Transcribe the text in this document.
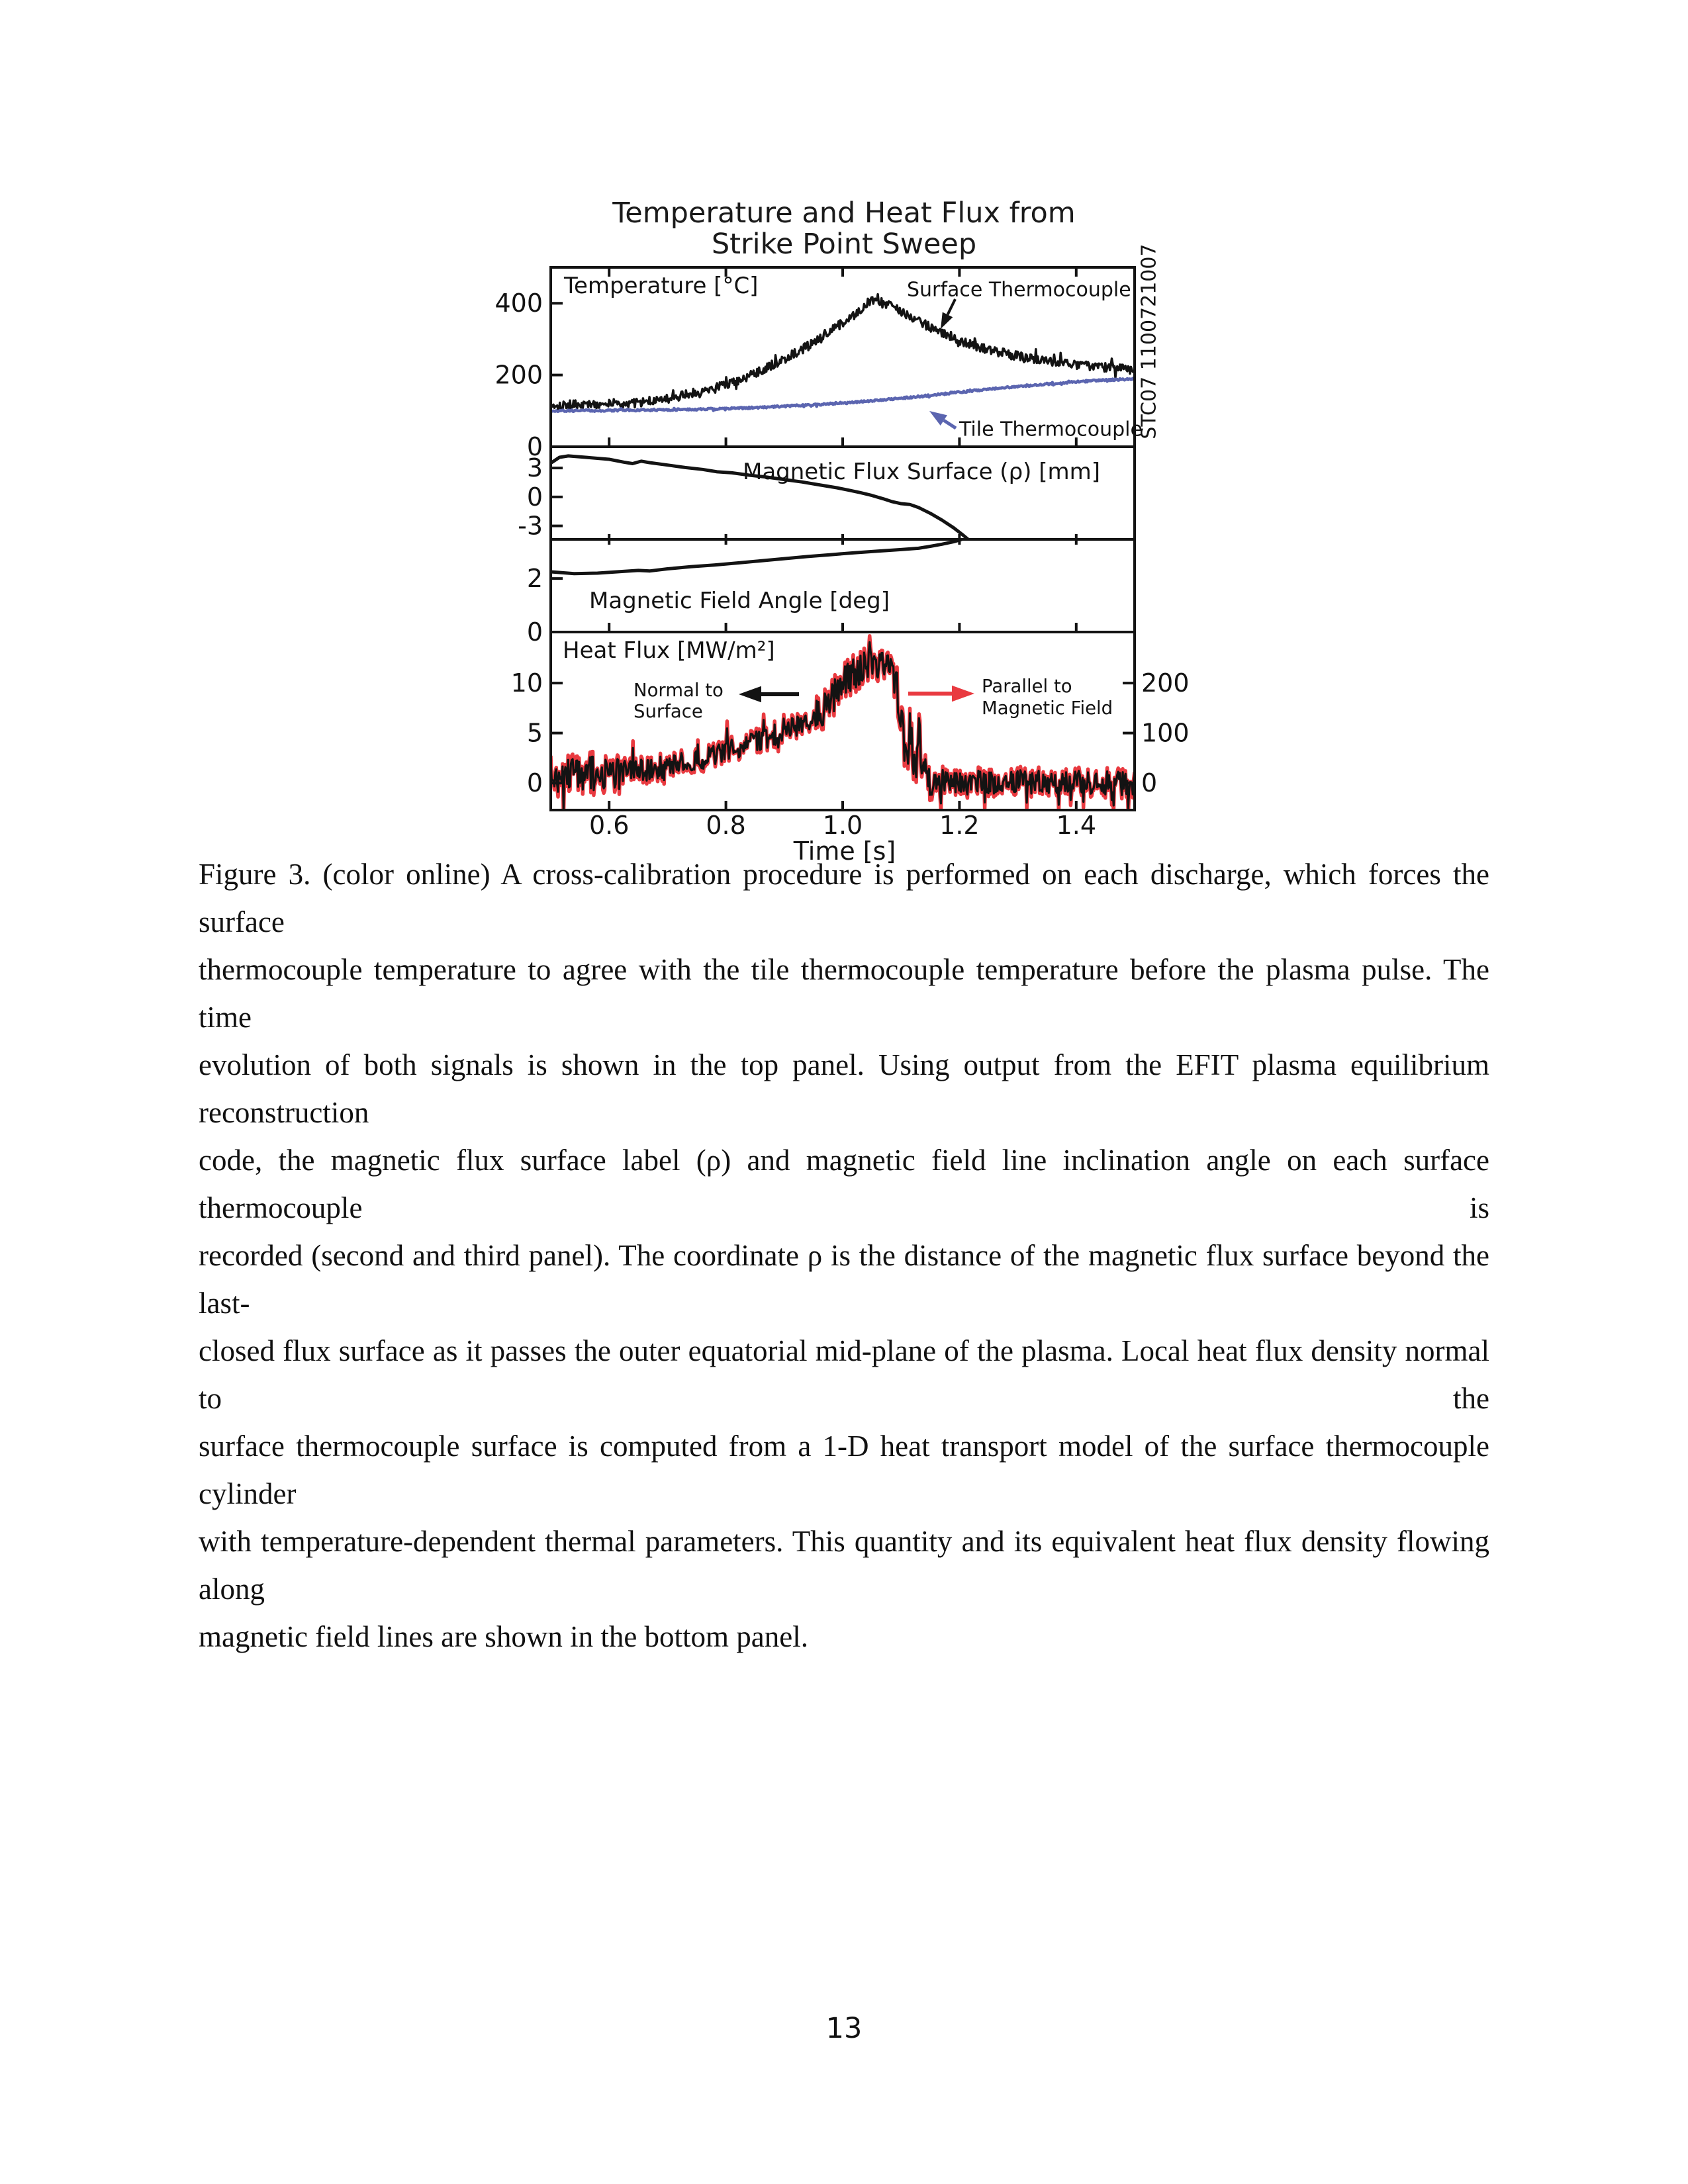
Temperature and Heat Flux from
Strike Point Sweep
0.6	0.8	1.0	1.2	1.4
Time [s]
400
200
0
3
0
-3
2
0
10
5
0
200
100
0
Temperature [°C]	Surface Thermocouple
Tile Thermocouple
Magnetic Flux Surface (ρ) [mm]
Magnetic Field Angle [deg]
Heat Flux [MW/m²]
Normal to
Surface
Parallel to
Magnetic Field
STC07 1100721007
Figure 3. (color online) A cross-calibration procedure is performed on each discharge, which forces the surface
thermocouple temperature to agree with the tile thermocouple temperature before the plasma pulse. The time
evolution of both signals is shown in the top panel. Using output from the EFIT plasma equilibrium reconstruction
code, the magnetic flux surface label (ρ) and magnetic field line inclination angle on each surface thermocouple is
recorded (second and third panel). The coordinate ρ is the distance of the magnetic flux surface beyond the last-
closed flux surface as it passes the outer equatorial mid-plane of the plasma. Local heat flux density normal to the
surface thermocouple surface is computed from a 1-D heat transport model of the surface thermocouple cylinder
with temperature-dependent thermal parameters. This quantity and its equivalent heat flux density flowing along
magnetic field lines are shown in the bottom panel.
13
